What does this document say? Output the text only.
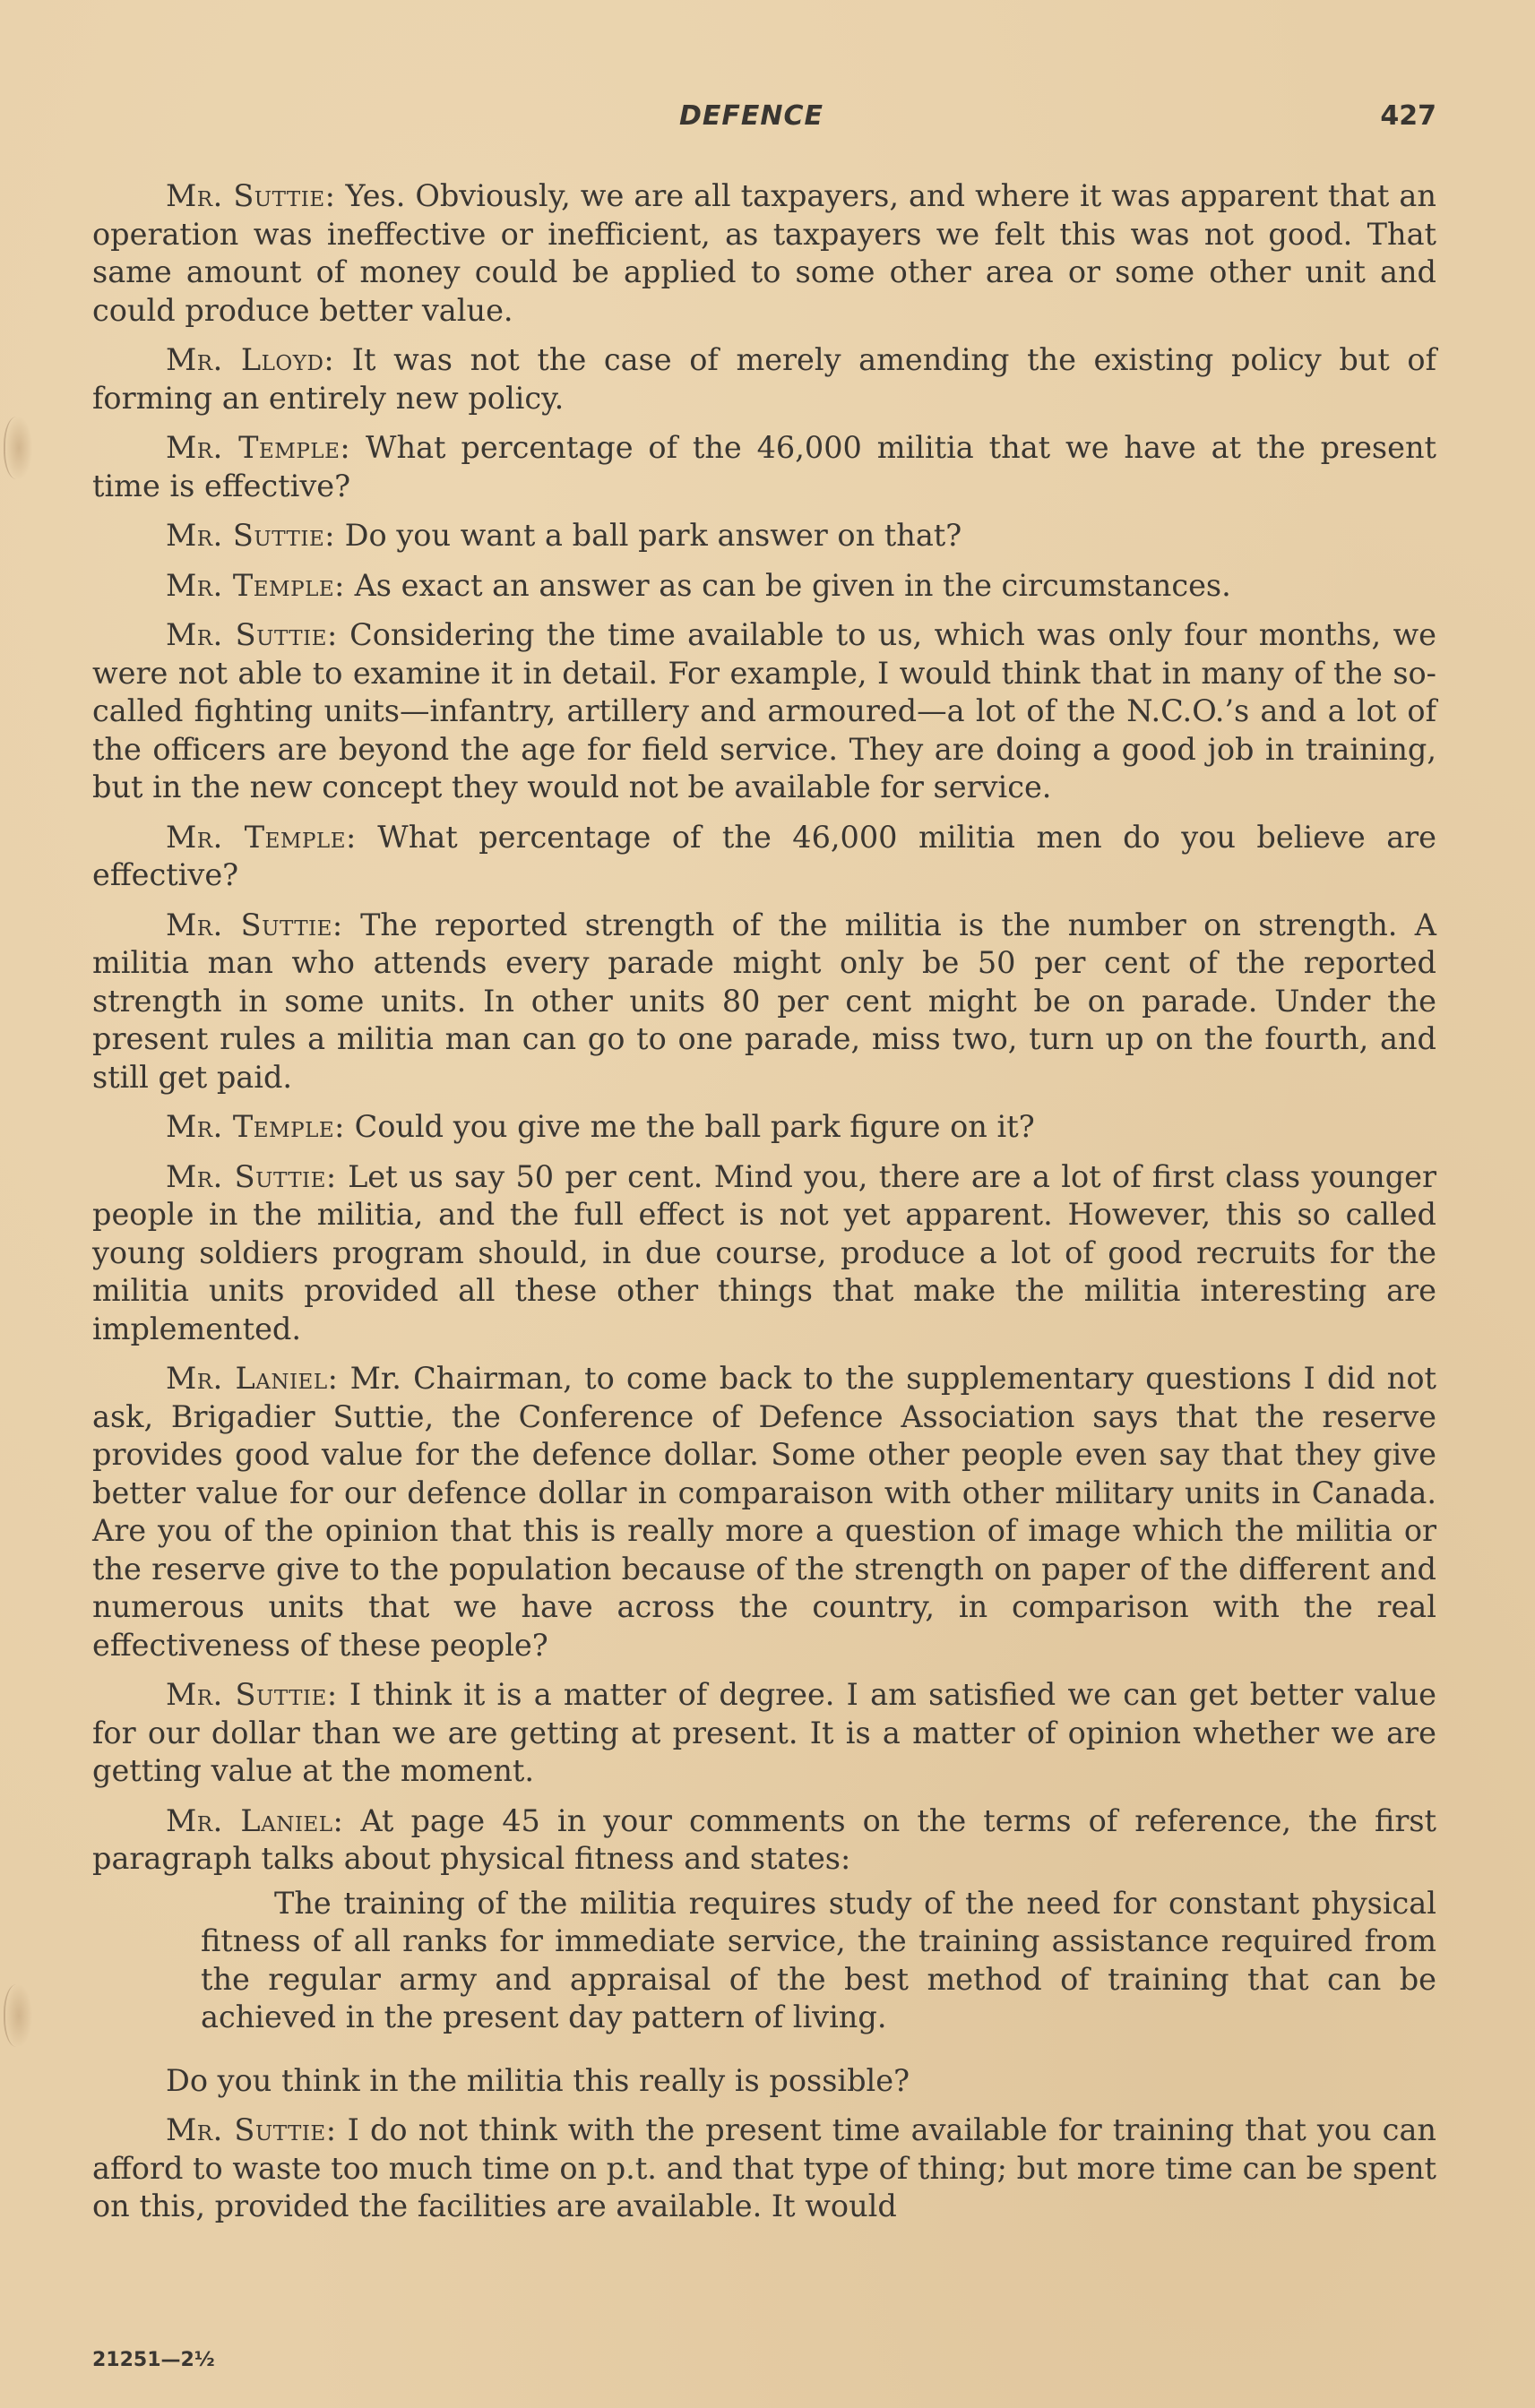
DEFENCE	427

Mr. Suttie: Yes. Obviously, we are all taxpayers, and where it was apparent that an operation was ineffective or inefficient, as taxpayers we felt this was not good. That same amount of money could be applied to some other area or some other unit and could produce better value.

Mr. Lloyd: It was not the case of merely amending the existing policy but of forming an entirely new policy.

Mr. Temple: What percentage of the 46,000 militia that we have at the present time is effective?

Mr. Suttie: Do you want a ball park answer on that?

Mr. Temple: As exact an answer as can be given in the circumstances.

Mr. Suttie: Considering the time available to us, which was only four months, we were not able to examine it in detail. For example, I would think that in many of the so-called fighting units—infantry, artillery and armoured—a lot of the N.C.O.’s and a lot of the officers are beyond the age for field service. They are doing a good job in training, but in the new concept they would not be available for service.

Mr. Temple: What percentage of the 46,000 militia men do you believe are effective?

Mr. Suttie: The reported strength of the militia is the number on strength. A militia man who attends every parade might only be 50 per cent of the reported strength in some units. In other units 80 per cent might be on parade. Under the present rules a militia man can go to one parade, miss two, turn up on the fourth, and still get paid.

Mr. Temple: Could you give me the ball park figure on it?

Mr. Suttie: Let us say 50 per cent. Mind you, there are a lot of first class younger people in the militia, and the full effect is not yet apparent. However, this so called young soldiers program should, in due course, produce a lot of good recruits for the militia units provided all these other things that make the militia interesting are implemented.

Mr. Laniel: Mr. Chairman, to come back to the supplementary questions I did not ask, Brigadier Suttie, the Conference of Defence Association says that the reserve provides good value for the defence dollar. Some other people even say that they give better value for our defence dollar in comparaison with other military units in Canada. Are you of the opinion that this is really more a question of image which the militia or the reserve give to the population because of the strength on paper of the different and numerous units that we have across the country, in comparison with the real effectiveness of these people?

Mr. Suttie: I think it is a matter of degree. I am satisfied we can get better value for our dollar than we are getting at present. It is a matter of opinion whether we are getting value at the moment.

Mr. Laniel: At page 45 in your comments on the terms of reference, the first paragraph talks about physical fitness and states:

The training of the militia requires study of the need for constant physical fitness of all ranks for immediate service, the training assistance required from the regular army and appraisal of the best method of training that can be achieved in the present day pattern of living.

Do you think in the militia this really is possible?

Mr. Suttie: I do not think with the present time available for training that you can afford to waste too much time on p.t. and that type of thing; but more time can be spent on this, provided the facilities are available. It would

21251—2½
